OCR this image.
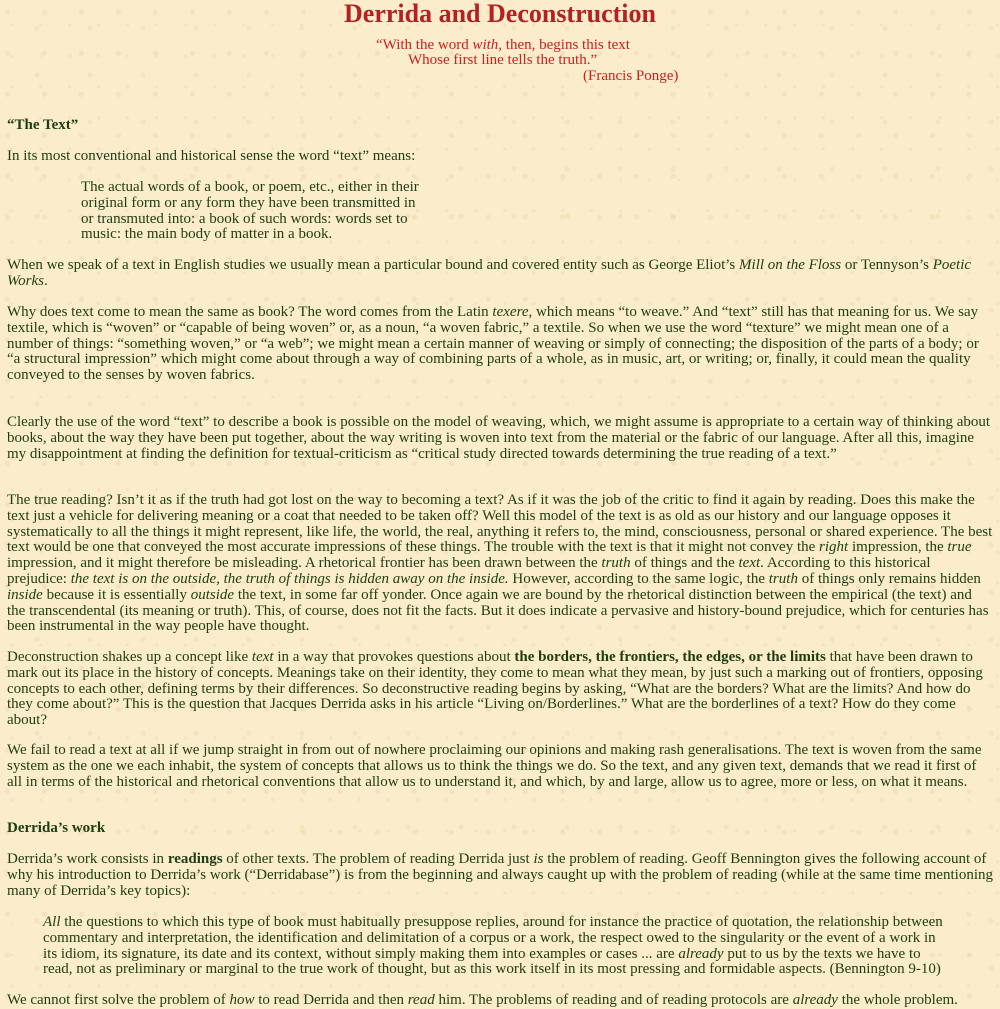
Derrida and Deconstruction
“With the word with, then, begins this text
Whose first line tells the truth.”
(Francis Ponge)

“The Text”

In its most conventional and historical sense the word “text” means:

The actual words of a book, or poem, etc., either in their original form or any form they have been transmitted in or transmuted into: a book of such words: words set to music: the main body of matter in a book.

When we speak of a text in English studies we usually mean a particular bound and covered entity such as George Eliot’s Mill on the Floss or Tennyson’s Poetic Works.

Why does text come to mean the same as book? The word comes from the Latin texere, which means “to weave.” And “text” still has that meaning for us. We say textile, which is “woven” or “capable of being woven” or, as a noun, “a woven fabric,” a textile. So when we use the word “texture” we might mean one of a number of things: “something woven,” or “a web”; we might mean a certain manner of weaving or simply of connecting; the disposition of the parts of a body; or “a structural impression” which might come about through a way of combining parts of a whole, as in music, art, or writing; or, finally, it could mean the quality conveyed to the senses by woven fabrics.

Clearly the use of the word “text” to describe a book is possible on the model of weaving, which, we might assume is appropriate to a certain way of thinking about books, about the way they have been put together, about the way writing is woven into text from the material or the fabric of our language. After all this, imagine my disappointment at finding the definition for textual-criticism as “critical study directed towards determining the true reading of a text.”

The true reading? Isn’t it as if the truth had got lost on the way to becoming a text? As if it was the job of the critic to find it again by reading. Does this make the text just a vehicle for delivering meaning or a coat that needed to be taken off? Well this model of the text is as old as our history and our language opposes it systematically to all the things it might represent, like life, the world, the real, anything it refers to, the mind, consciousness, personal or shared experience. The best text would be one that conveyed the most accurate impressions of these things. The trouble with the text is that it might not convey the right impression, the true impression, and it might therefore be misleading. A rhetorical frontier has been drawn between the truth of things and the text. According to this historical prejudice: the text is on the outside, the truth of things is hidden away on the inside. However, according to the same logic, the truth of things only remains hidden inside because it is essentially outside the text, in some far off yonder. Once again we are bound by the rhetorical distinction between the empirical (the text) and the transcendental (its meaning or truth). This, of course, does not fit the facts. But it does indicate a pervasive and history-bound prejudice, which for centuries has been instrumental in the way people have thought.

Deconstruction shakes up a concept like text in a way that provokes questions about the borders, the frontiers, the edges, or the limits that have been drawn to mark out its place in the history of concepts. Meanings take on their identity, they come to mean what they mean, by just such a marking out of frontiers, opposing concepts to each other, defining terms by their differences. So deconstructive reading begins by asking, “What are the borders? What are the limits? And how do they come about?” This is the question that Jacques Derrida asks in his article “Living on/Borderlines.” What are the borderlines of a text? How do they come about?

We fail to read a text at all if we jump straight in from out of nowhere proclaiming our opinions and making rash generalisations. The text is woven from the same system as the one we each inhabit, the system of concepts that allows us to think the things we do. So the text, and any given text, demands that we read it first of all in terms of the historical and rhetorical conventions that allow us to understand it, and which, by and large, allow us to agree, more or less, on what it means.

Derrida’s work

Derrida’s work consists in readings of other texts. The problem of reading Derrida just is the problem of reading. Geoff Bennington gives the following account of why his introduction to Derrida’s work (“Derridabase”) is from the beginning and always caught up with the problem of reading (while at the same time mentioning many of Derrida’s key topics):

All the questions to which this type of book must habitually presuppose replies, around for instance the practice of quotation, the relationship between commentary and interpretation, the identification and delimitation of a corpus or a work, the respect owed to the singularity or the event of a work in its idiom, its signature, its date and its context, without simply making them into examples or cases ... are already put to us by the texts we have to read, not as preliminary or marginal to the true work of thought, but as this work itself in its most pressing and formidable aspects. (Bennington 9-10)

We cannot first solve the problem of how to read Derrida and then read him. The problems of reading and of reading protocols are already the whole problem.
